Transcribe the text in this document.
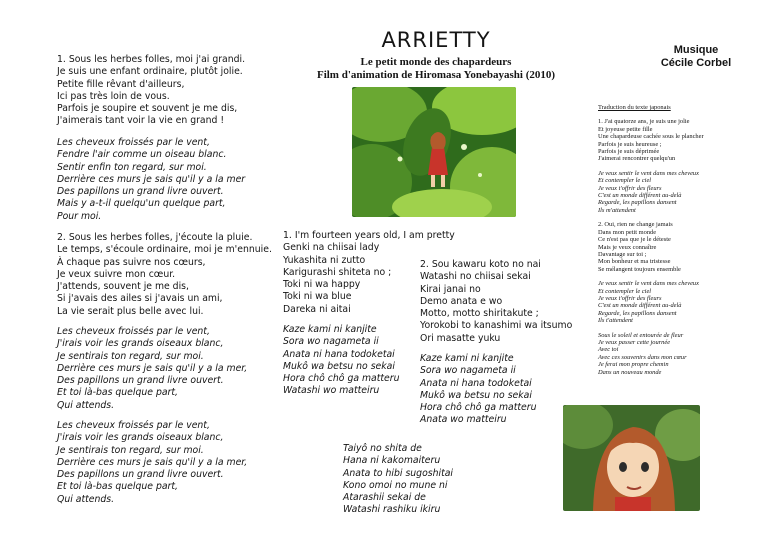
ARRIETTY
Le petit monde des chapardeurs
Film d'animation de Hiromasa Yonebayashi (2010)
Musique
Cécile Corbel
1. Sous les herbes folles, moi j'ai grandi.
Je suis une enfant ordinaire, plutôt jolie.
Petite fille rêvant d'ailleurs,
Ici pas très loin de vous.
Parfois je soupire et souvent je me dis,
J'aimerais tant voir la vie en grand !
Les cheveux froissés par le vent,
Fendre l'air comme un oiseau blanc.
Sentir enfin ton regard, sur moi.
Derrière ces murs je sais qu'il y a la mer
Des papillons un grand livre ouvert.
Mais y a-t-il quelqu'un quelque part,
Pour moi.
2. Sous les herbes folles, j'écoute la pluie.
Le temps, s'écoule ordinaire, moi je m'ennuie.
À chaque pas suivre nos cœurs,
Je veux suivre mon cœur.
J'attends, souvent je me dis,
Si j'avais des ailes si j'avais un ami,
La vie serait plus belle avec lui.
Les cheveux froissés par le vent,
J'irais voir les grands oiseaux blanc,
Je sentirais ton regard, sur moi.
Derrière ces murs je sais qu'il y a la mer,
Des papillons un grand livre ouvert.
Et toi là-bas quelque part,
Qui attends.
Les cheveux froissés par le vent,
J'irais voir les grands oiseaux blanc,
Je sentirais ton regard, sur moi.
Derrière ces murs je sais qu'il y a la mer,
Des papillons un grand livre ouvert.
Et toi là-bas quelque part,
Qui attends.
1. I'm fourteen years old, I am pretty
Genki na chiisai lady
Yukashita ni zutto
Karigurashi shiteta no ;
Toki ni wa happy
Toki ni wa blue
Dareka ni aitai
Kaze kami ni kanjite
Sora wo nagameta ii
Anata ni hana todoketai
Mukô wa betsu no sekai
Hora chô chô ga matteru
Watashi wo matteiru
2. Sou kawaru koto no nai
Watashi no chiisai sekai
Kirai janai no
Demo anata e wo
Motto, motto shiritakute ;
Yorokobi to kanashimi wa itsumo
Ori masatte yuku
Kaze kami ni kanjite
Sora wo nagameta ii
Anata ni hana todoketai
Mukô wa betsu no sekai
Hora chô chô ga matteru
Anata wo matteiru
Taiyô no shita de
Hana ni kakomaiteru
Anata to hibi sugoshitai
Kono omoi no mune ni
Atarashii sekai de
Watashi rashiku ikiru
Traduction du texte japonais
1. J'ai quatorze ans, je suis une jolie
Et joyeuse petite fille
Une chapardeuse cachée sous le plancher
Parfois je suis heureuse ;
Parfois je suis déprimée
J'aimerai rencontrer quelqu'un
Je veux sentir le vent dans mes cheveux
Et contempler le ciel
Je veux t'offrir des fleurs
C'est un monde différent au-delà
Regarde, les papillons dansent
Ils m'attendent
2. Oui, rien ne change jamais
Dans mon petit monde
Ce n'est pas que je le déteste
Mais je veux connaître
Davantage sur toi ;
Mon bonheur et ma tristesse
Se mélangent toujours ensemble
Je veux sentir le vent dans mes cheveux
Et contempler le ciel
Je veux t'offrir des fleurs
C'est un monde différent au-delà
Regarde, les papillons dansent
Ils t'attendent
Sous le soleil et entourée de fleur
Je veux passer cette journée
Avec toi
Avec ces souvenirs dans mon cœur
Je ferai mon propre chemin
Dans un nouveau monde
